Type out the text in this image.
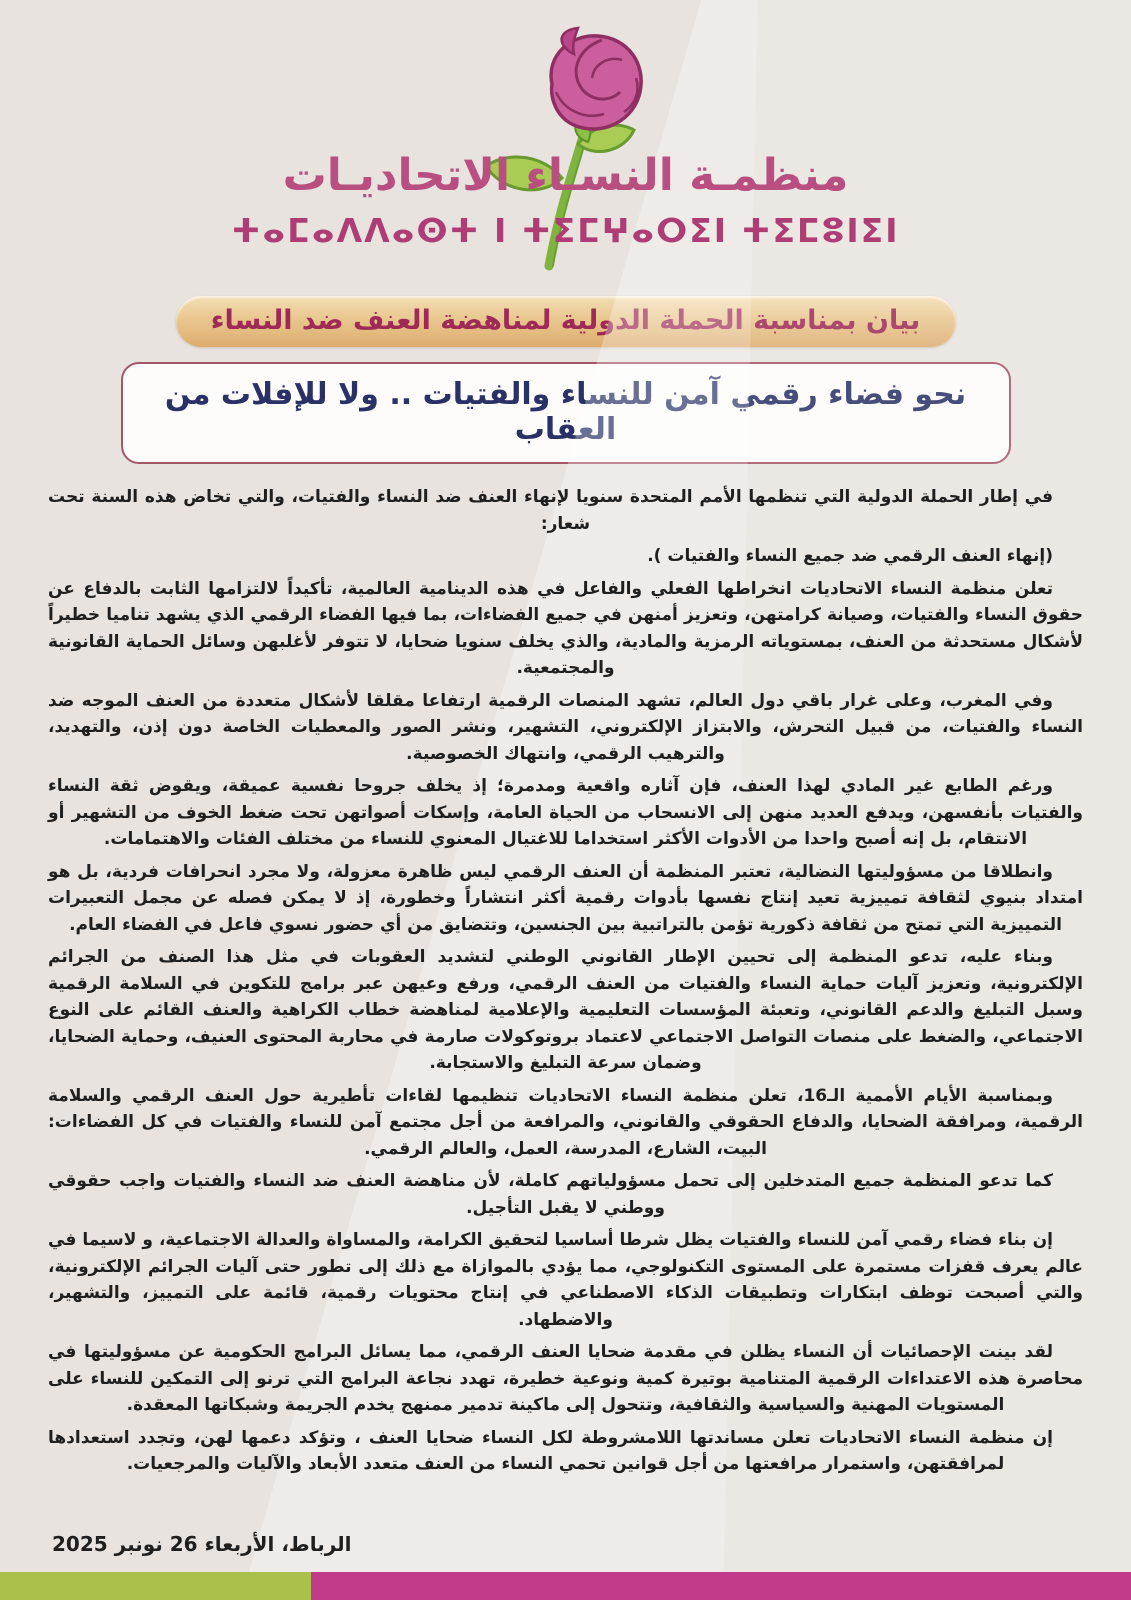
منظمـة النسـاء الاتحاديـات
ⵜⴰⵎⴰⴷⴷⴰⵙⵜ ⵏ ⵜⵉⵎⵖⴰⵔⵉⵏ ⵜⵉⵎⵓⵏⵉⵏ
بيان بمناسبة الحملة الدولية لمناهضة العنف ضد النساء
نحو فضاء رقمي آمن للنساء والفتيات .. ولا للإفلات من العقاب

في إطار الحملة الدولية التي تنظمها الأمم المتحدة سنويا لإنهاء العنف ضد النساء والفتيات، والتي تخاض هذه السنة تحت شعار:

(إنهاء العنف الرقمي ضد جميع النساء والفتيات ).

تعلن منظمة النساء الاتحاديات انخراطها الفعلي والفاعل في هذه الدينامية العالمية، تأكيداً لالتزامها الثابت بالدفاع عن حقوق النساء والفتيات، وصيانة كرامتهن، وتعزيز أمنهن في جميع الفضاءات، بما فيها الفضاء الرقمي الذي يشهد تناميا خطيراً لأشكال مستحدثة من العنف، بمستوياته الرمزية والمادية، والذي يخلف سنويا ضحايا، لا تتوفر لأغلبهن وسائل الحماية القانونية والمجتمعية.

وفي المغرب، وعلى غرار باقي دول العالم، تشهد المنصات الرقمية ارتفاعا مقلقا لأشكال متعددة من العنف الموجه ضد النساء والفتيات، من قبيل التحرش، والابتزاز الإلكتروني، التشهير، ونشر الصور والمعطيات الخاصة دون إذن، والتهديد، والترهيب الرقمي، وانتهاك الخصوصية.

ورغم الطابع غير المادي لهذا العنف، فإن آثاره واقعية ومدمرة؛ إذ يخلف جروحا نفسية عميقة، ويقوض ثقة النساء والفتيات بأنفسهن، ويدفع العديد منهن إلى الانسحاب من الحياة العامة، وإسكات أصواتهن تحت ضغط الخوف من التشهير أو الانتقام، بل إنه أصبح واحدا من الأدوات الأكثر استخداما للاغتيال المعنوي للنساء من مختلف الفئات والاهتمامات.

وانطلاقا من مسؤوليتها النضالية، تعتبر المنظمة أن العنف الرقمي ليس ظاهرة معزولة، ولا مجرد انحرافات فردية، بل هو امتداد بنيوي لثقافة تمييزية تعيد إنتاج نفسها بأدوات رقمية أكثر انتشاراً وخطورة، إذ لا يمكن فصله عن مجمل التعبيرات التمييزية التي تمتح من ثقافة ذكورية تؤمن بالتراتبية بين الجنسين، وتتضايق من أي حضور نسوي فاعل في الفضاء العام.

وبناء عليه، تدعو المنظمة إلى تحيين الإطار القانوني الوطني لتشديد العقوبات في مثل هذا الصنف من الجرائم الإلكترونية، وتعزيز آليات حماية النساء والفتيات من العنف الرقمي، ورفع وعيهن عبر برامج للتكوين في السلامة الرقمية وسبل التبليغ والدعم القانوني، وتعبئة المؤسسات التعليمية والإعلامية لمناهضة خطاب الكراهية والعنف القائم على النوع الاجتماعي، والضغط على منصات التواصل الاجتماعي لاعتماد بروتوكولات صارمة في محاربة المحتوى العنيف، وحماية الضحايا، وضمان سرعة التبليغ والاستجابة.

وبمناسبة الأيام الأممية الـ16، تعلن منظمة النساء الاتحاديات تنظيمها لقاءات تأطيرية حول العنف الرقمي والسلامة الرقمية، ومرافقة الضحايا، والدفاع الحقوقي والقانوني، والمرافعة من أجل مجتمع آمن للنساء والفتيات في كل الفضاءات: البيت، الشارع، المدرسة، العمل، والعالم الرقمي.

كما تدعو المنظمة جميع المتدخلين إلى تحمل مسؤولياتهم كاملة، لأن مناهضة العنف ضد النساء والفتيات واجب حقوقي ووطني لا يقبل التأجيل.

إن بناء فضاء رقمي آمن للنساء والفتيات يظل شرطا أساسيا لتحقيق الكرامة، والمساواة والعدالة الاجتماعية، و لاسيما في عالم يعرف قفزات مستمرة على المستوى التكنولوجي، مما يؤدي بالموازاة مع ذلك إلى تطور حتى آليات الجرائم الإلكترونية، والتي أصبحت توظف ابتكارات وتطبيقات الذكاء الاصطناعي في إنتاج محتويات رقمية، قائمة على التمييز، والتشهير، والاضطهاد.

لقد بينت الإحصائيات أن النساء يظلن في مقدمة ضحايا العنف الرقمي، مما يسائل البرامج الحكومية عن مسؤوليتها في محاصرة هذه الاعتداءات الرقمية المتنامية بوتيرة كمية ونوعية خطيرة، تهدد نجاعة البرامج التي ترنو إلى التمكين للنساء على المستويات المهنية والسياسية والثقافية، وتتحول إلى ماكينة تدمير ممنهج يخدم الجريمة وشبكاتها المعقدة.

إن منظمة النساء الاتحاديات تعلن مساندتها اللامشروطة لكل النساء ضحايا العنف ، وتؤكد دعمها لهن، وتجدد استعدادها لمرافقتهن، واستمرار مرافعتها من أجل قوانين تحمي النساء من العنف متعدد الأبعاد والآليات والمرجعيات.

الرباط، الأربعاء 26 نونبر 2025
